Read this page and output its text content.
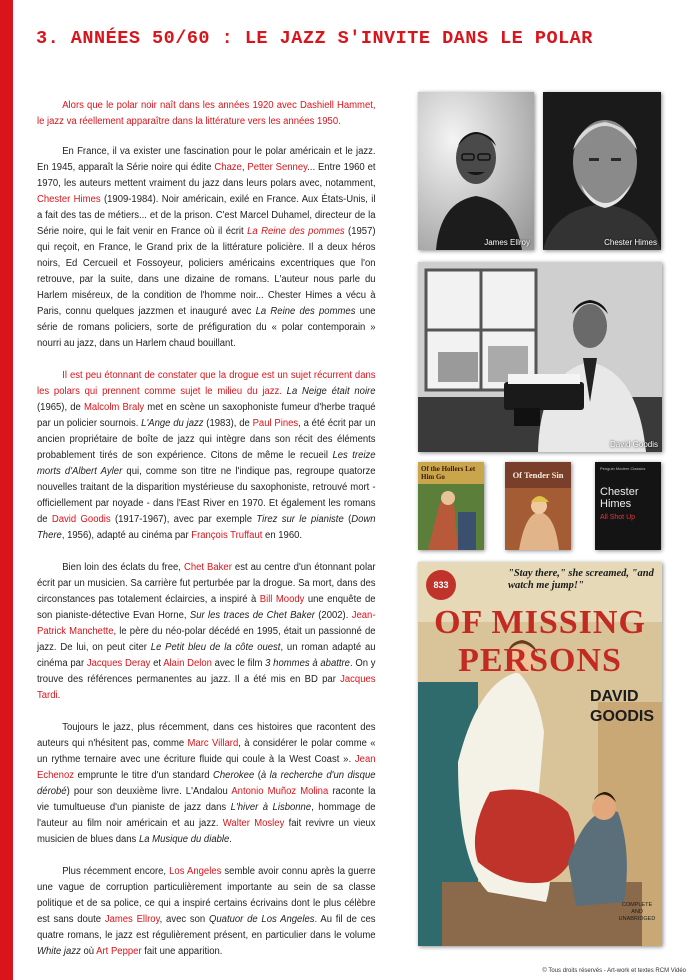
3. ANNÉES 50/60 : LE JAZZ S'INVITE DANS LE POLAR

Alors que le polar noir naît dans les années 1920 avec Dashiell Hammet, le jazz va réellement apparaître dans la littérature vers les années 1950.

En France, il va exister une fascination pour le polar américain et le jazz. En 1945, apparaît la Série noire qui édite Chaze, Petter Senney... Entre 1960 et 1970, les auteurs mettent vraiment du jazz dans leurs polars avec, notamment, Chester Himes (1909-1984). Noir américain, exilé en France. Aux États-Unis, il a fait des tas de métiers... et de la prison. C'est Marcel Duhamel, directeur de la Série noire, qui le fait venir en France où il écrit La Reine des pommes (1957) qui reçoit, en France, le Grand prix de la littérature policière. Il a deux héros noirs, Ed Cercueil et Fossoyeur, policiers américains excentriques que l'on retrouve, par la suite, dans une dizaine de romans. L'auteur nous parle du Harlem miséreux, de la condition de l'homme noir... Chester Himes a vécu à Paris, connu quelques jazzmen et inauguré avec La Reine des pommes une série de romans policiers, sorte de préfiguration du « polar contemporain » nourri au jazz, dans un Harlem chaud bouillant.

Il est peu étonnant de constater que la drogue est un sujet récurrent dans les polars qui prennent comme sujet le milieu du jazz. La Neige était noire (1965), de Malcolm Braly met en scène un saxophoniste fumeur d'herbe traqué par un policier sournois. L'Ange du jazz (1983), de Paul Pines, a été écrit par un ancien propriétaire de boîte de jazz qui intègre dans son récit des éléments probablement tirés de son expérience. Citons de même le recueil Les treize morts d'Albert Ayler qui, comme son titre ne l'indique pas, regroupe quatorze nouvelles traitant de la disparition mystérieuse du saxophoniste, retrouvé mort - officiellement par noyade - dans l'East River en 1970. Et également les romans de David Goodis (1917-1967), avec par exemple Tirez sur le pianiste (Down There, 1956), adapté au cinéma par François Truffaut en 1960.

Bien loin des éclats du free, Chet Baker est au centre d'un étonnant polar écrit par un musicien. Sa carrière fut perturbée par la drogue. Sa mort, dans des circonstances pas totalement éclaircies, a inspiré à Bill Moody une enquête de son pianiste-détective Evan Horne, Sur les traces de Chet Baker (2002). Jean-Patrick Manchette, le père du néo-polar décédé en 1995, était un passionné de jazz. De lui, on peut citer Le Petit bleu de la côte ouest, un roman adapté au cinéma par Jacques Deray et Alain Delon avec le film 3 hommes à abattre. On y trouve des références permanentes au jazz. Il a été mis en BD par Jacques Tardi.

Toujours le jazz, plus récemment, dans ces histoires que racontent des auteurs qui n'hésitent pas, comme Marc Villard, à considérer le polar comme « un rythme ternaire avec une écriture fluide qui coule à la West Coast ». Jean Echenoz emprunte le titre d'un standard Cherokee (à la recherche d'un disque dérobé) pour son deuxième livre. L'Andalou Antonio Muñoz Molina raconte la vie tumultueuse d'un pianiste de jazz dans L'hiver à Lisbonne, hommage de l'auteur au film noir américain et au jazz. Walter Mosley fait revivre un vieux musicien de blues dans La Musique du diable.

Plus récemment encore, Los Angeles semble avoir connu après la guerre une vague de corruption particulièrement importante au sein de sa classe politique et de sa police, ce qui a inspiré certains écrivains dont le plus célèbre est sans doute James Ellroy, avec son Quatuor de Los Angeles. Au fil de ces quatre romans, le jazz est régulièrement présent, en particulier dans le volume White jazz où Art Pepper fait une apparition.

James Ellroy	Chester Himes
David Goodis
Of the Hollers Let Him Go	Of Tender Sin
Penguin Modern Classics
Chester Himes
All Shot Up
833
"Stay there," she screamed, "and watch me jump!"
OF MISSING
PERSONS
DAVID
GOODIS
COMPLETE
AND
UNABRIDGED
© Tous droits réservés - Art-work et textes RCM Vidéo
